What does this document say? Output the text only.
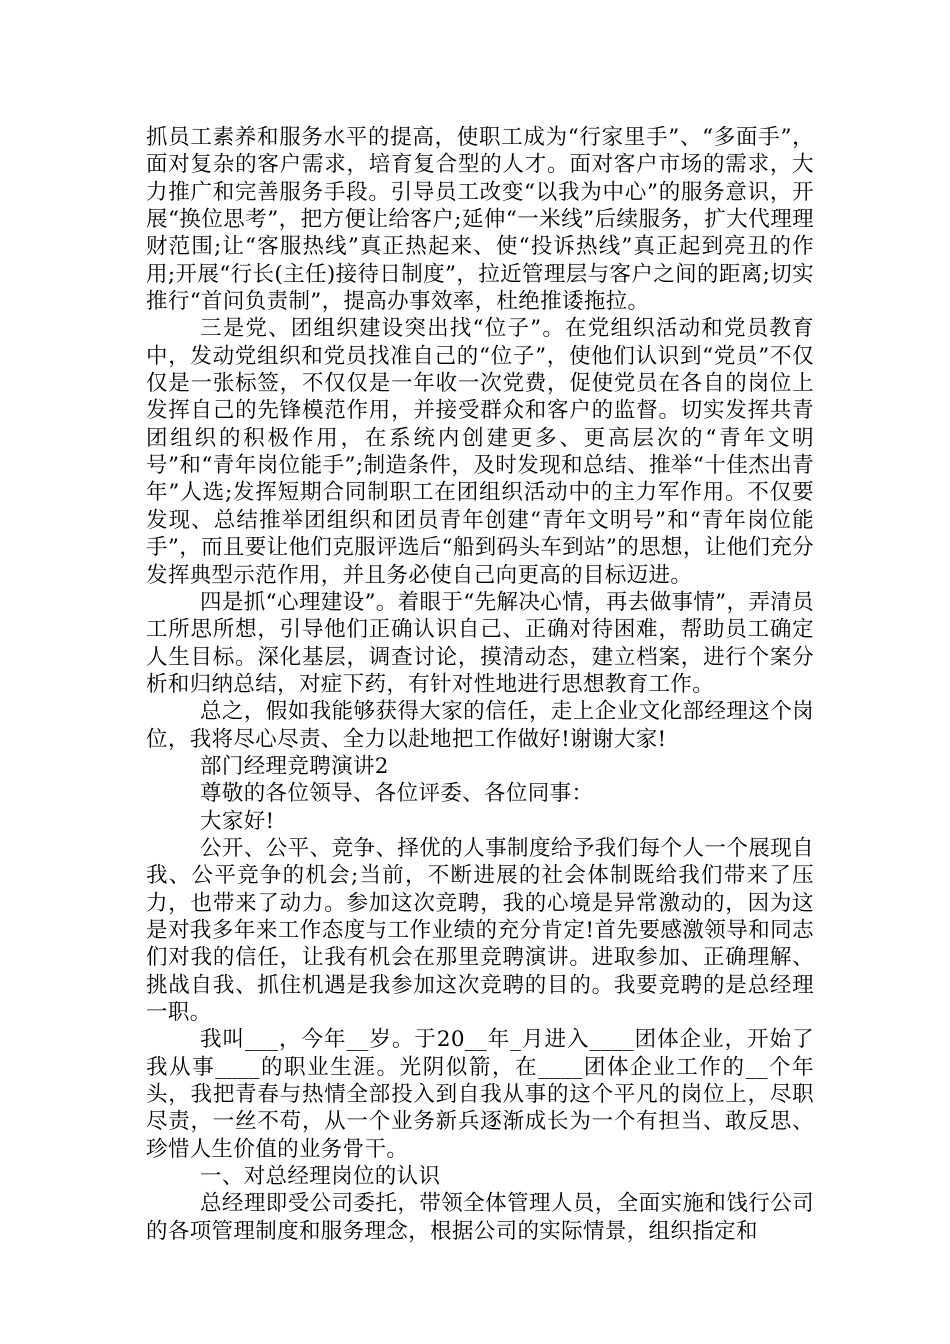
抓员工素养和服务水平的提高，使职工成为“行家里手”、“多面手”，面对复杂的客户需求，培育复合型的人才。面对客户市场的需求，大力推广和完善服务手段。引导员工改变“以我为中心”的服务意识，开展“换位思考”，把方便让给客户;延伸“一米线”后续服务，扩大代理理财范围;让“客服热线”真正热起来、使“投诉热线”真正起到亮丑的作用;开展“行长(主任)接待日制度”，拉近管理层与客户之间的距离;切实推行“首问负责制”，提高办事效率，杜绝推诿拖拉。

三是党、团组织建设突出找“位子”。在党组织活动和党员教育中，发动党组织和党员找准自己的“位子”，使他们认识到“党员”不仅仅是一张标签，不仅仅是一年收一次党费，促使党员在各自的岗位上发挥自己的先锋模范作用，并接受群众和客户的监督。切实发挥共青团组织的积极作用，在系统内创建更多、更高层次的“青年文明号”和“青年岗位能手”;制造条件，及时发现和总结、推举“十佳杰出青年”人选;发挥短期合同制职工在团组织活动中的主力军作用。不仅要发现、总结推举团组织和团员青年创建“青年文明号”和“青年岗位能手”，而且要让他们克服评选后“船到码头车到站”的思想，让他们充分发挥典型示范作用，并且务必使自己向更高的目标迈进。

四是抓“心理建设”。着眼于“先解决心情，再去做事情”，弄清员工所思所想，引导他们正确认识自己、正确对待困难，帮助员工确定人生目标。深化基层，调查讨论，摸清动态，建立档案，进行个案分析和归纳总结，对症下药，有针对性地进行思想教育工作。

总之，假如我能够获得大家的信任，走上企业文化部经理这个岗位，我将尽心尽责、全力以赴地把工作做好!谢谢大家!

部门经理竞聘演讲2

尊敬的各位领导、各位评委、各位同事：

大家好!

公开、公平、竞争、择优的人事制度给予我们每个人一个展现自我、公平竞争的机会;当前，不断进展的社会体制既给我们带来了压力，也带来了动力。参加这次竞聘，我的心境是异常激动的，因为这是对我多年来工作态度与工作业绩的充分肯定!首先要感激领导和同志们对我的信任，让我有机会在那里竞聘演讲。进取参加、正确理解、挑战自我、抓住机遇是我参加这次竞聘的目的。我要竞聘的是总经理一职。

我叫___，今年__岁。于20__年_月进入____团体企业，开始了我从事____的职业生涯。光阴似箭，在____团体企业工作的__个年头，我把青春与热情全部投入到自我从事的这个平凡的岗位上，尽职尽责，一丝不苟，从一个业务新兵逐渐成长为一个有担当、敢反思、珍惜人生价值的业务骨干。

一、对总经理岗位的认识

总经理即受公司委托，带领全体管理人员，全面实施和饯行公司的各项管理制度和服务理念，根据公司的实际情景，组织指定和
